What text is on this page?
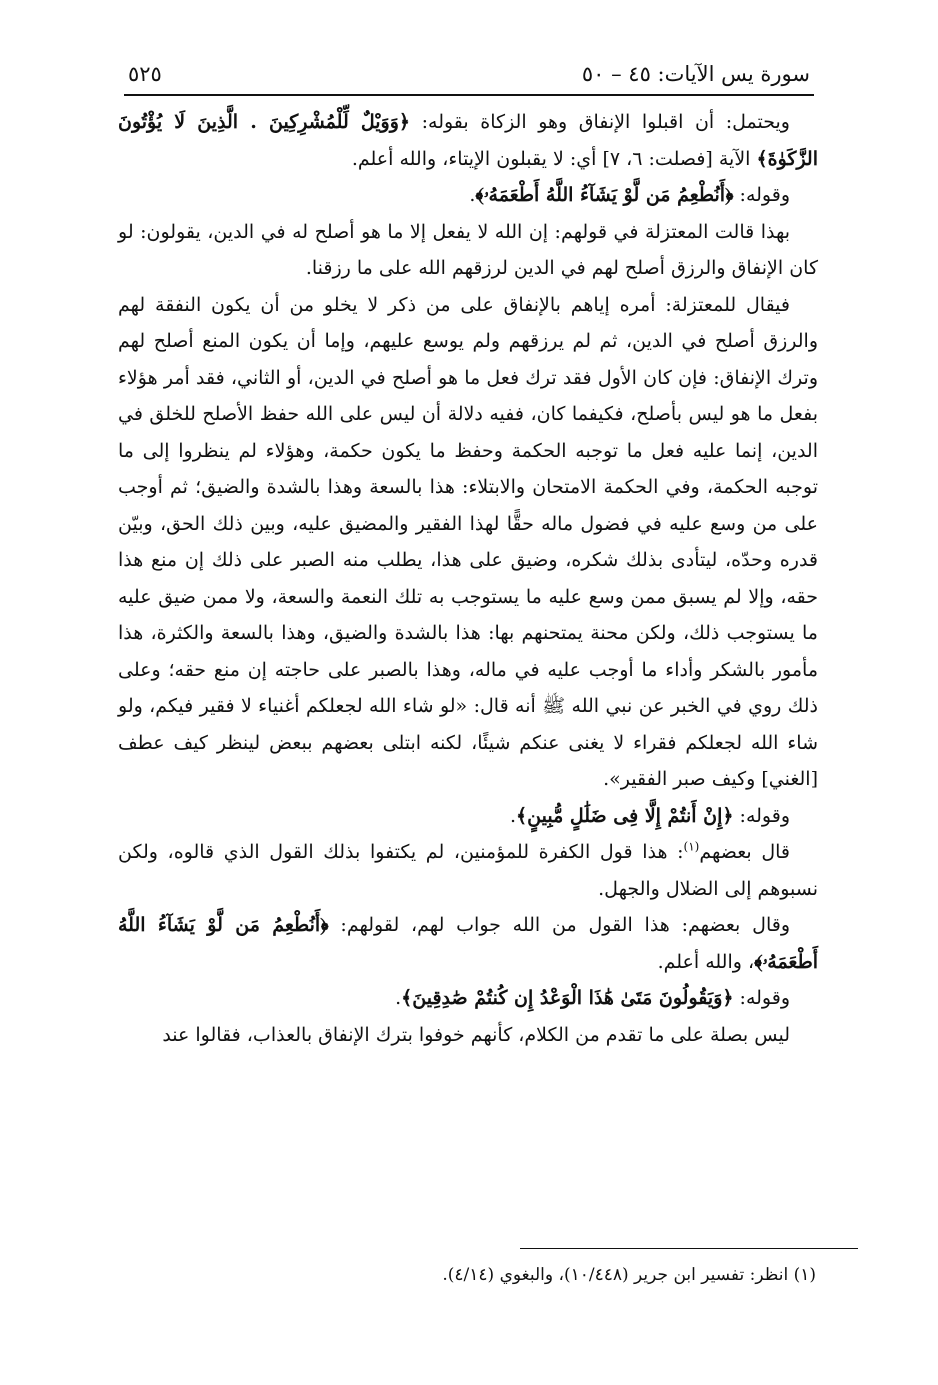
سورة يس الآيات: ٤٥ – ٥٠
٥٢٥

ويحتمل: أن اقبلوا الإنفاق وهو الزكاة بقوله: ﴿وَوَيْلٌ لِّلْمُشْرِكِينَ . الَّذِينَ لَا يُؤْتُونَ الزَّكَوٰةَ﴾ الآية [فصلت: ٦، ٧] أي: لا يقبلون الإيتاء، والله أعلم.

وقوله: ﴿أَنُطْعِمُ مَن لَّوْ يَشَآءُ اللَّهُ أَطْعَمَهُۥ﴾.

بهذا قالت المعتزلة في قولهم: إن الله لا يفعل إلا ما هو أصلح له في الدين، يقولون: لو كان الإنفاق والرزق أصلح لهم في الدين لرزقهم الله على ما رزقنا.

فيقال للمعتزلة: أمره إياهم بالإنفاق على من ذكر لا يخلو من أن يكون النفقة لهم والرزق أصلح في الدين، ثم لم يرزقهم ولم يوسع عليهم، وإما أن يكون المنع أصلح لهم وترك الإنفاق: فإن كان الأول فقد ترك فعل ما هو أصلح في الدين، أو الثاني، فقد أمر هؤلاء بفعل ما هو ليس بأصلح، فكيفما كان، ففيه دلالة أن ليس على الله حفظ الأصلح للخلق في الدين، إنما عليه فعل ما توجبه الحكمة وحفظ ما يكون حكمة، وهؤلاء لم ينظروا إلى ما توجبه الحكمة، وفي الحكمة الامتحان والابتلاء: هذا بالسعة وهذا بالشدة والضيق؛ ثم أوجب على من وسع عليه في فضول ماله حقًّا لهذا الفقير والمضيق عليه، وبين ذلك الحق، وبيّن قدره وحدّه، ليتأدى بذلك شكره، وضيق على هذا، يطلب منه الصبر على ذلك إن منع هذا حقه، وإلا لم يسبق ممن وسع عليه ما يستوجب به تلك النعمة والسعة، ولا ممن ضيق عليه ما يستوجب ذلك، ولكن محنة يمتحنهم بها: هذا بالشدة والضيق، وهذا بالسعة والكثرة، هذا مأمور بالشكر وأداء ما أوجب عليه في ماله، وهذا بالصبر على حاجته إن منع حقه؛ وعلى ذلك روي في الخبر عن نبي الله ﷺ أنه قال: «لو شاء الله لجعلكم أغنياء لا فقير فيكم، ولو شاء الله لجعلكم فقراء لا يغنى عنكم شيئًا، لكنه ابتلى بعضهم ببعض لينظر كيف عطف [الغني] وكيف صبر الفقير».

وقوله: ﴿إِنْ أَنتُمْ إِلَّا فِى ضَلَٰلٍ مُّبِينٍ﴾.

قال بعضهم$^{(١)}$: هذا قول الكفرة للمؤمنين، لم يكتفوا بذلك القول الذي قالوه، ولكن نسبوهم إلى الضلال والجهل.

وقال بعضهم: هذا القول من الله جواب لهم، لقولهم: ﴿أَنُطْعِمُ مَن لَّوْ يَشَآءُ اللَّهُ أَطْعَمَهُۥ﴾، والله أعلم.

وقوله: ﴿وَيَقُولُونَ مَتَىٰ هَٰذَا الْوَعْدُ إِن كُنتُمْ صَٰدِقِينَ﴾.

ليس بصلة على ما تقدم من الكلام، كأنهم خوفوا بترك الإنفاق بالعذاب، فقالوا عند

(١) انظر: تفسير ابن جرير (١٠/٤٤٨)، والبغوي (٤/١٤).
